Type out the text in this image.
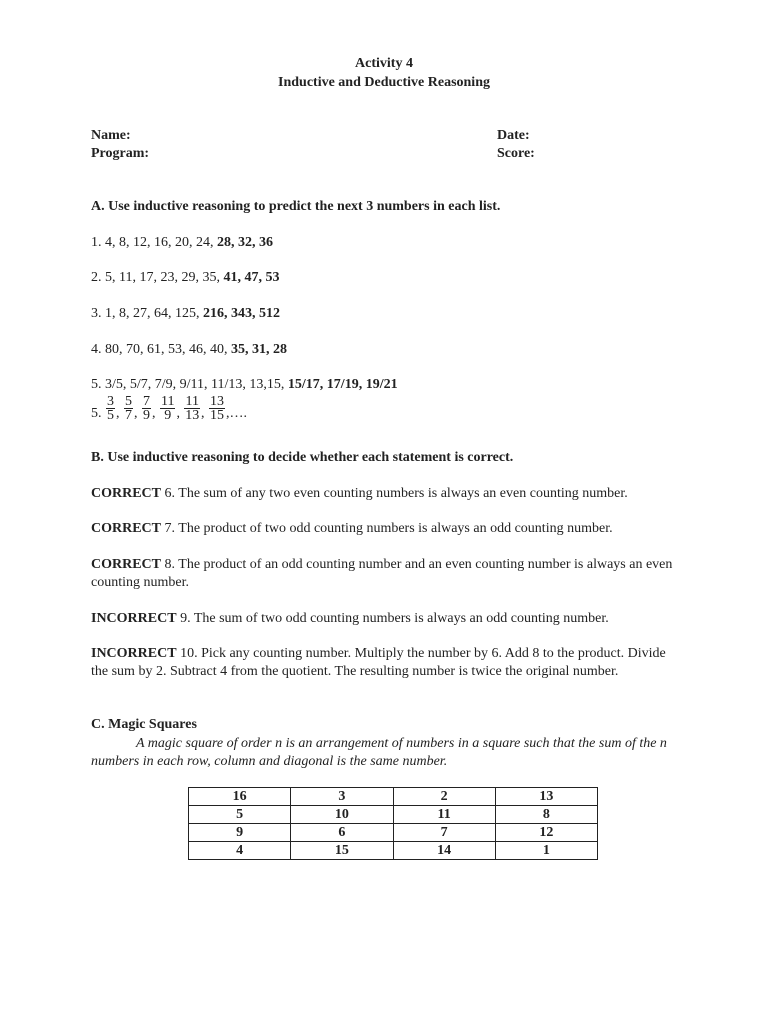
Activity 4
Inductive and Deductive Reasoning
Name:
Program:
Date:
Score:
A. Use inductive reasoning to predict the next 3 numbers in each list.
1. 4, 8, 12, 16, 20, 24, 28, 32, 36
2. 5, 11, 17, 23, 29, 35, 41, 47, 53
3. 1, 8, 27, 64, 125, 216, 343, 512
4. 80, 70, 61, 53, 46, 40, 35, 31, 28
5. 3/5, 5/7, 7/9, 9/11, 11/13, 13,15, 15/17, 17/19, 19/21
5. $\frac{3}{5}$ , $\frac{5}{7}$ , $\frac{7}{9}$ , $\frac{11}{9}$ , $\frac{11}{13}$ , $\frac{13}{15}$ ,….
B. Use inductive reasoning to decide whether each statement is correct.
CORRECT 6. The sum of any two even counting numbers is always an even counting number.
CORRECT 7. The product of two odd counting numbers is always an odd counting number.
CORRECT 8. The product of an odd counting number and an even counting number is always an even counting number.
INCORRECT 9. The sum of two odd counting numbers is always an odd counting number.
INCORRECT 10. Pick any counting number. Multiply the number by 6. Add 8 to the product. Divide the sum by 2. Subtract 4 from the quotient. The resulting number is twice the original number.
C. Magic Squares
A magic square of order n is an arrangement of numbers in a square such that the sum of the n numbers in each row, column and diagonal is the same number.
16	3	2	13
5	10	11	8
9	6	7	12
4	15	14	1
